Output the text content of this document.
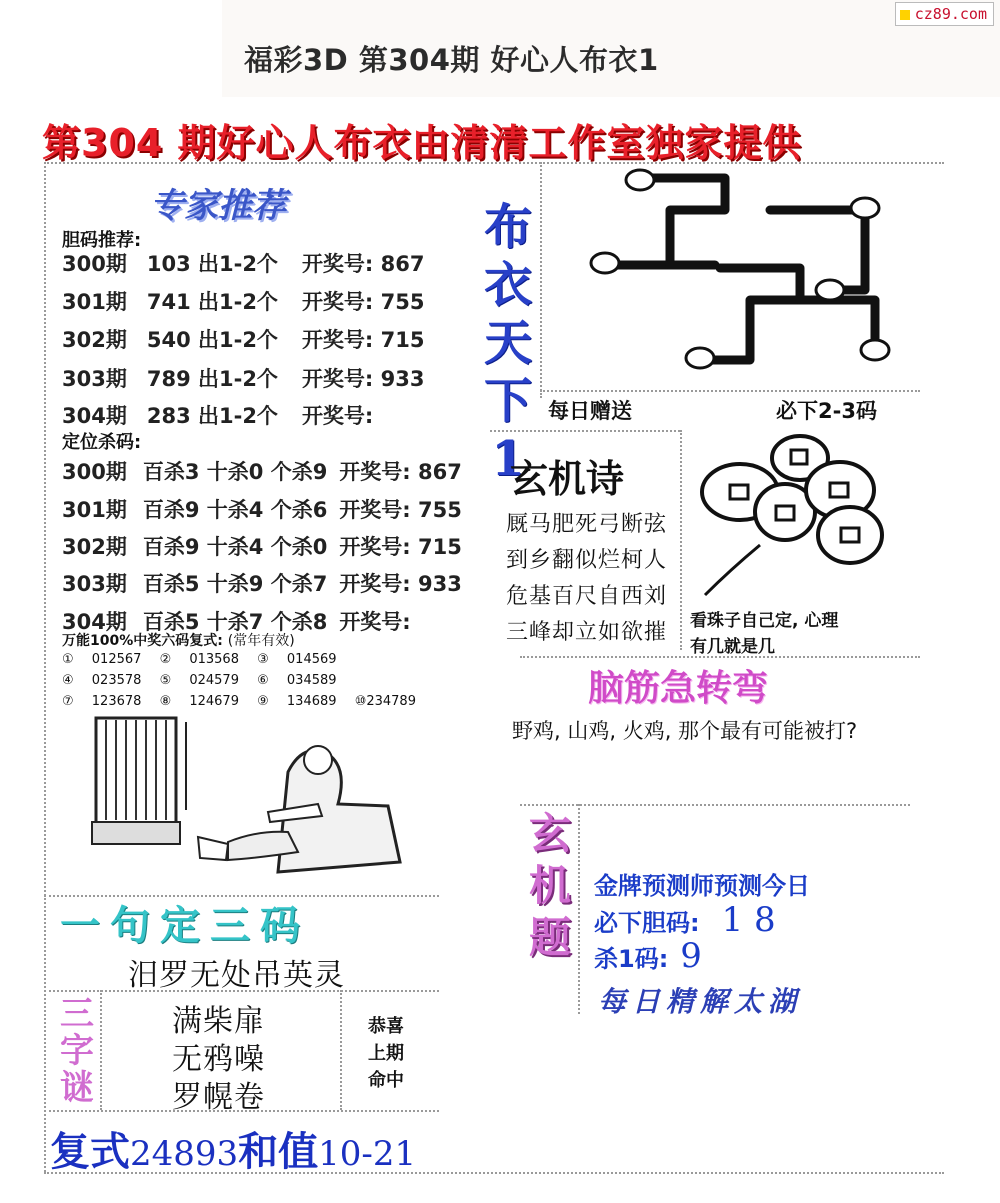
福彩3D 第304期 好心人布衣1
cz89.com
第304 期好心人布衣由清清工作室独家提供
专家推荐
胆码推荐:
300期 103 出1-2个 开奖号: 867
301期 741 出1-2个 开奖号: 755
302期 540 出1-2个 开奖号: 715
303期 789 出1-2个 开奖号: 933
304期 283 出1-2个 开奖号:
定位杀码:
300期 百杀3 十杀0 个杀9 开奖号: 867
301期 百杀9 十杀4 个杀6 开奖号: 755
302期 百杀9 十杀4 个杀0 开奖号: 715
303期 百杀5 十杀9 个杀7 开奖号: 933
304期 百杀5 十杀7 个杀8 开奖号:
万能100%中奖六码复式: (常年有效)
① 012567 ② 013568 ③ 014569
④ 023578 ⑤ 024579 ⑥ 034589
⑦ 123678 ⑧ 124679 ⑨ 134689 ⑩234789
布
衣
天
下
1
每日赠送	必下2-3码
玄机诗
厩马肥死弓断弦
到乡翻似烂柯人
危基百尺自西刘
三峰却立如欲摧 看珠子自己定, 心理
有几就是几
脑筋急转弯
野鸡, 山鸡, 火鸡, 那个最有可能被打?
玄
机
题
金牌预测师预测今日
必下胆码: 1 8
杀1码: 9
每日精解太湖
一句定三码
汨罗无处吊英灵
三
字
谜
满柴扉
无鸦噪
罗幌卷
恭喜
上期
命中
复式24893和值10-21
